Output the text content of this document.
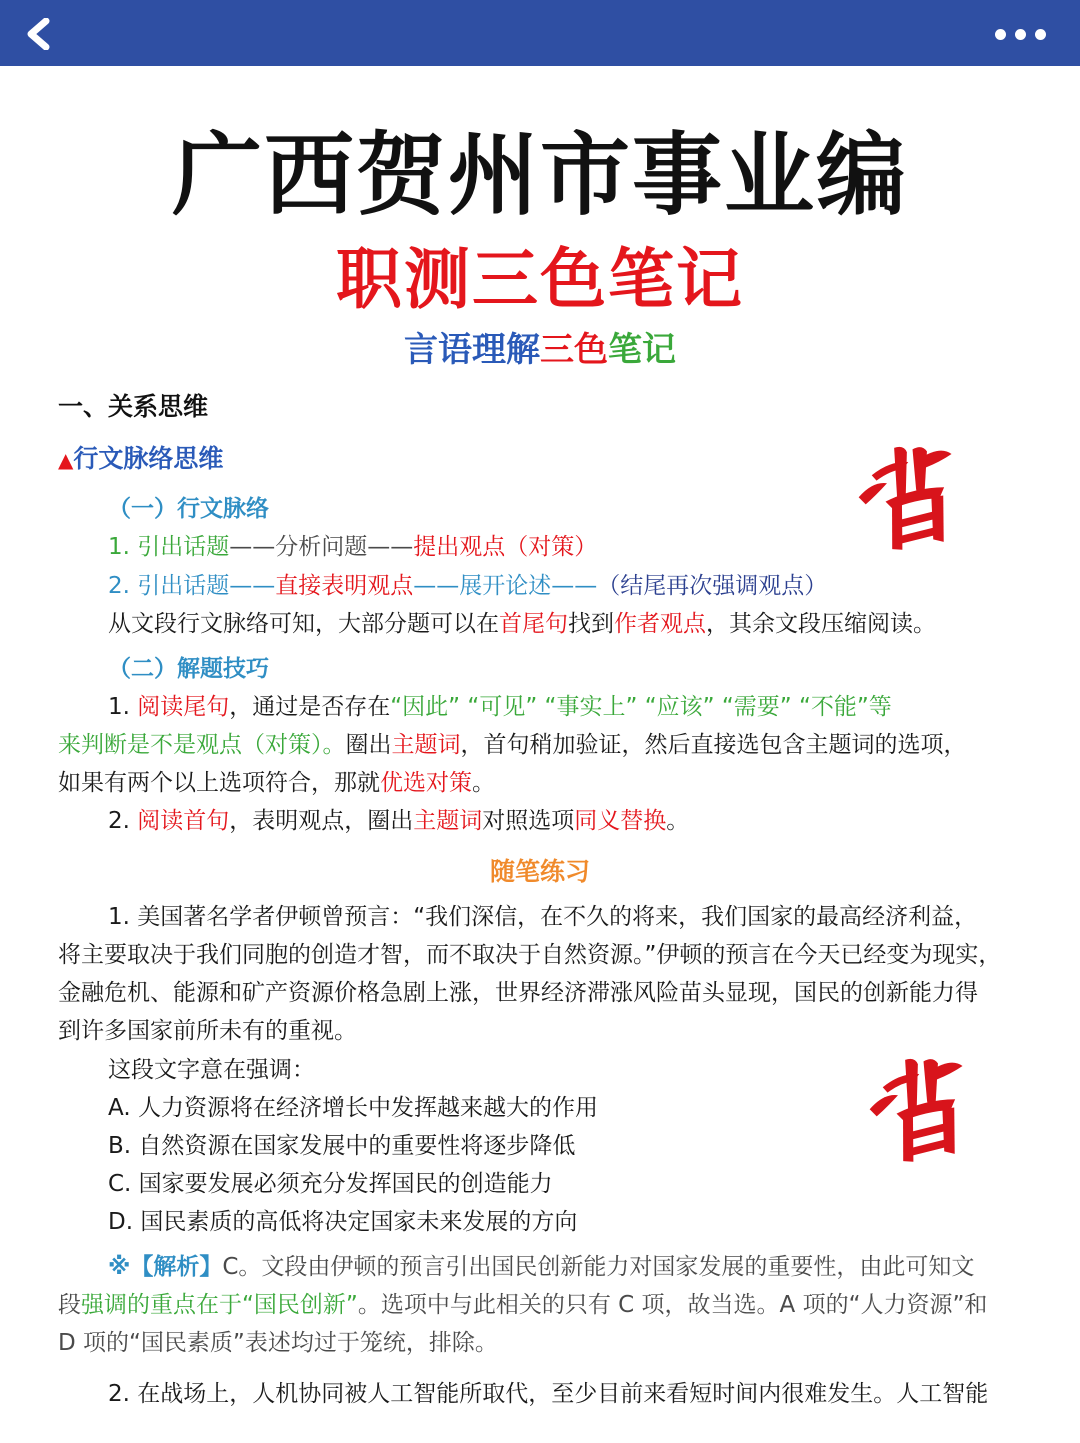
广西贺州市事业编
职测三色笔记
言语理解三色笔记
一、关系思维
▲行文脉络思维
（一）行文脉络
1. 引出话题——分析问题——提出观点（对策）
2. 引出话题——直接表明观点——展开论述——（结尾再次强调观点）
从文段行文脉络可知，大部分题可以在首尾句找到作者观点，其余文段压缩阅读。
（二）解题技巧
1. 阅读尾句，通过是否存在“因此” “可见” “事实上” “应该” “需要” “不能”等
来判断是不是观点（对策）。圈出主题词，首句稍加验证，然后直接选包含主题词的选项，
如果有两个以上选项符合，那就优选对策。
2. 阅读首句，表明观点，圈出主题词对照选项同义替换。
随笔练习
1. 美国著名学者伊顿曾预言：“我们深信，在不久的将来，我们国家的最高经济利益，
将主要取决于我们同胞的创造才智，而不取决于自然资源。”伊顿的预言在今天已经变为现实，
金融危机、能源和矿产资源价格急剧上涨，世界经济滞涨风险苗头显现，国民的创新能力得
到许多国家前所未有的重视。
这段文字意在强调：
A. 人力资源将在经济增长中发挥越来越大的作用
B. 自然资源在国家发展中的重要性将逐步降低
C. 国家要发展必须充分发挥国民的创造能力
D. 国民素质的高低将决定国家未来发展的方向
※【解析】C。文段由伊顿的预言引出国民创新能力对国家发展的重要性，由此可知文
段强调的重点在于“国民创新”。选项中与此相关的只有 C 项，故当选。A 项的“人力资源”和
D 项的“国民素质”表述均过于笼统，排除。
2. 在战场上，人机协同被人工智能所取代，至少目前来看短时间内很难发生。人工智能
